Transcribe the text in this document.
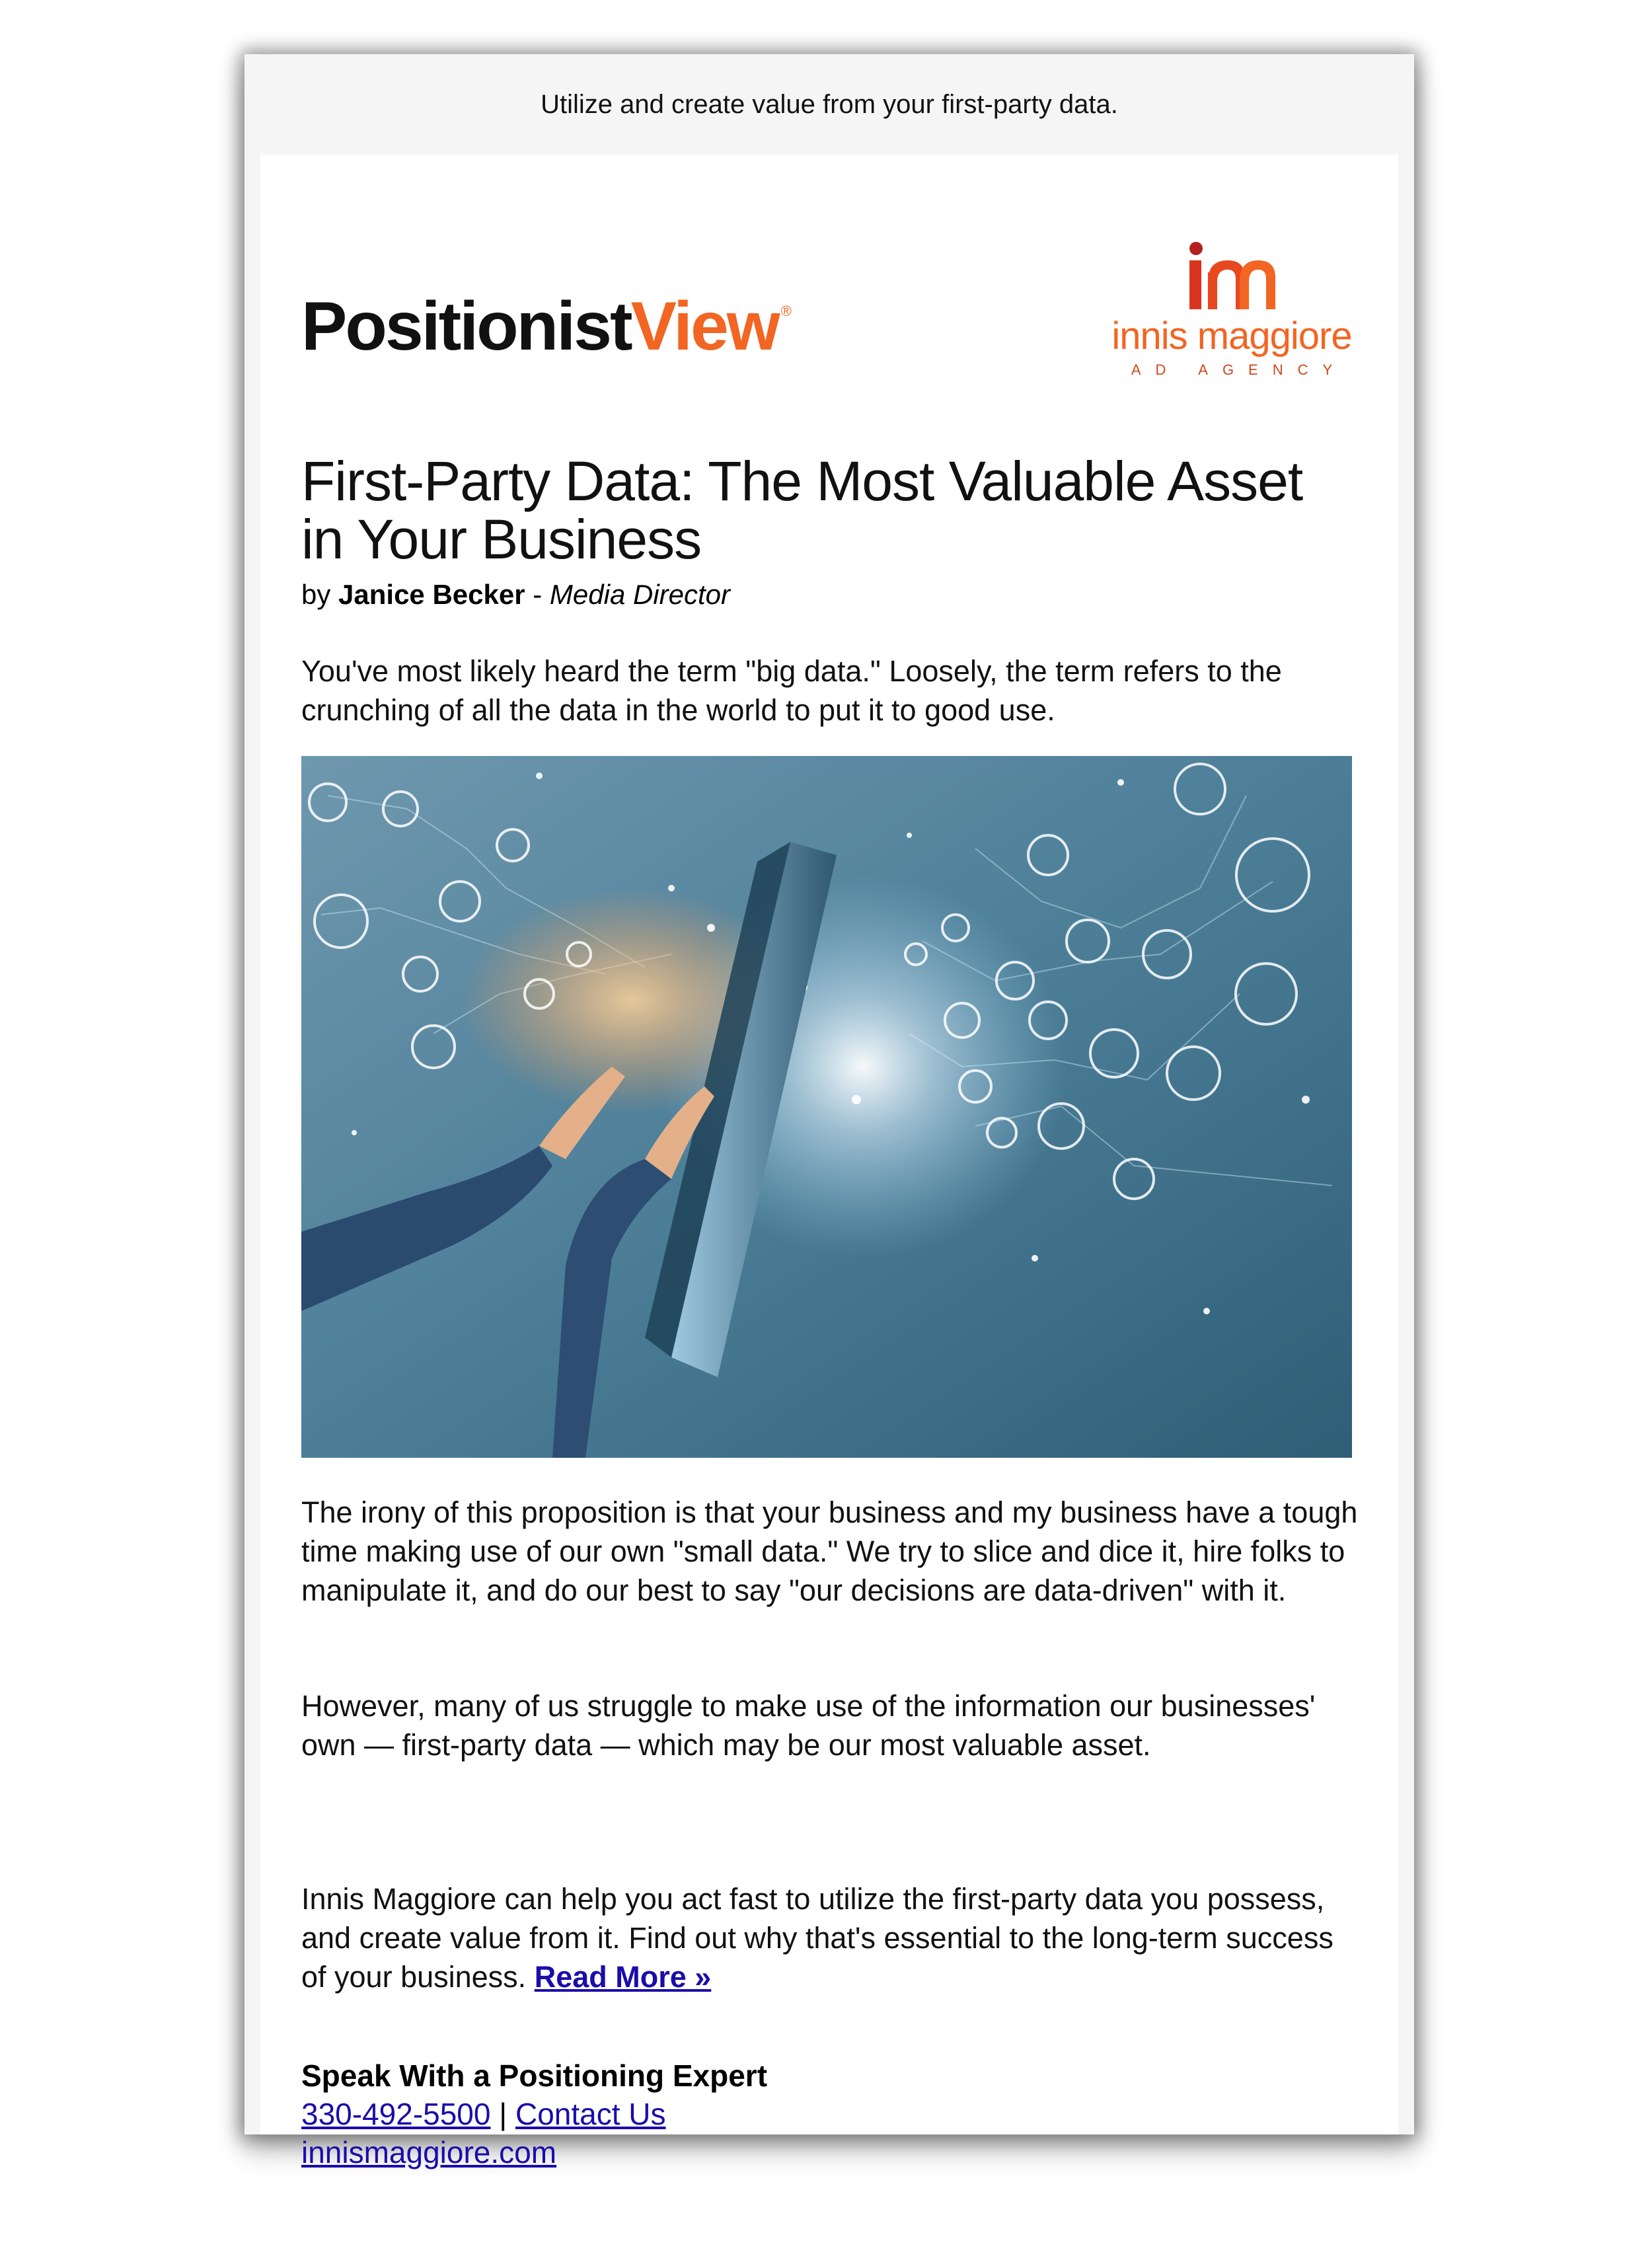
Utilize and create value from your first-party data.
Positionist View ®
innis maggiore
AD AGENCY
First-Party Data: The Most Valuable Asset in Your Business
by Janice Becker - Media Director

You've most likely heard the term "big data." Loosely, the term refers to the crunching of all the data in the world to put it to good use.

The irony of this proposition is that your business and my business have a tough time making use of our own "small data." We try to slice and dice it, hire folks to manipulate it, and do our best to say "our decisions are data-driven" with it.

However, many of us struggle to make use of the information our businesses' own — first-party data — which may be our most valuable asset.

Innis Maggiore can help you act fast to utilize the first-party data you possess, and create value from it. Find out why that's essential to the long-term success of your business. Read More »

Speak With a Positioning Expert
330-492-5500 | Contact Us
innismaggiore.com
